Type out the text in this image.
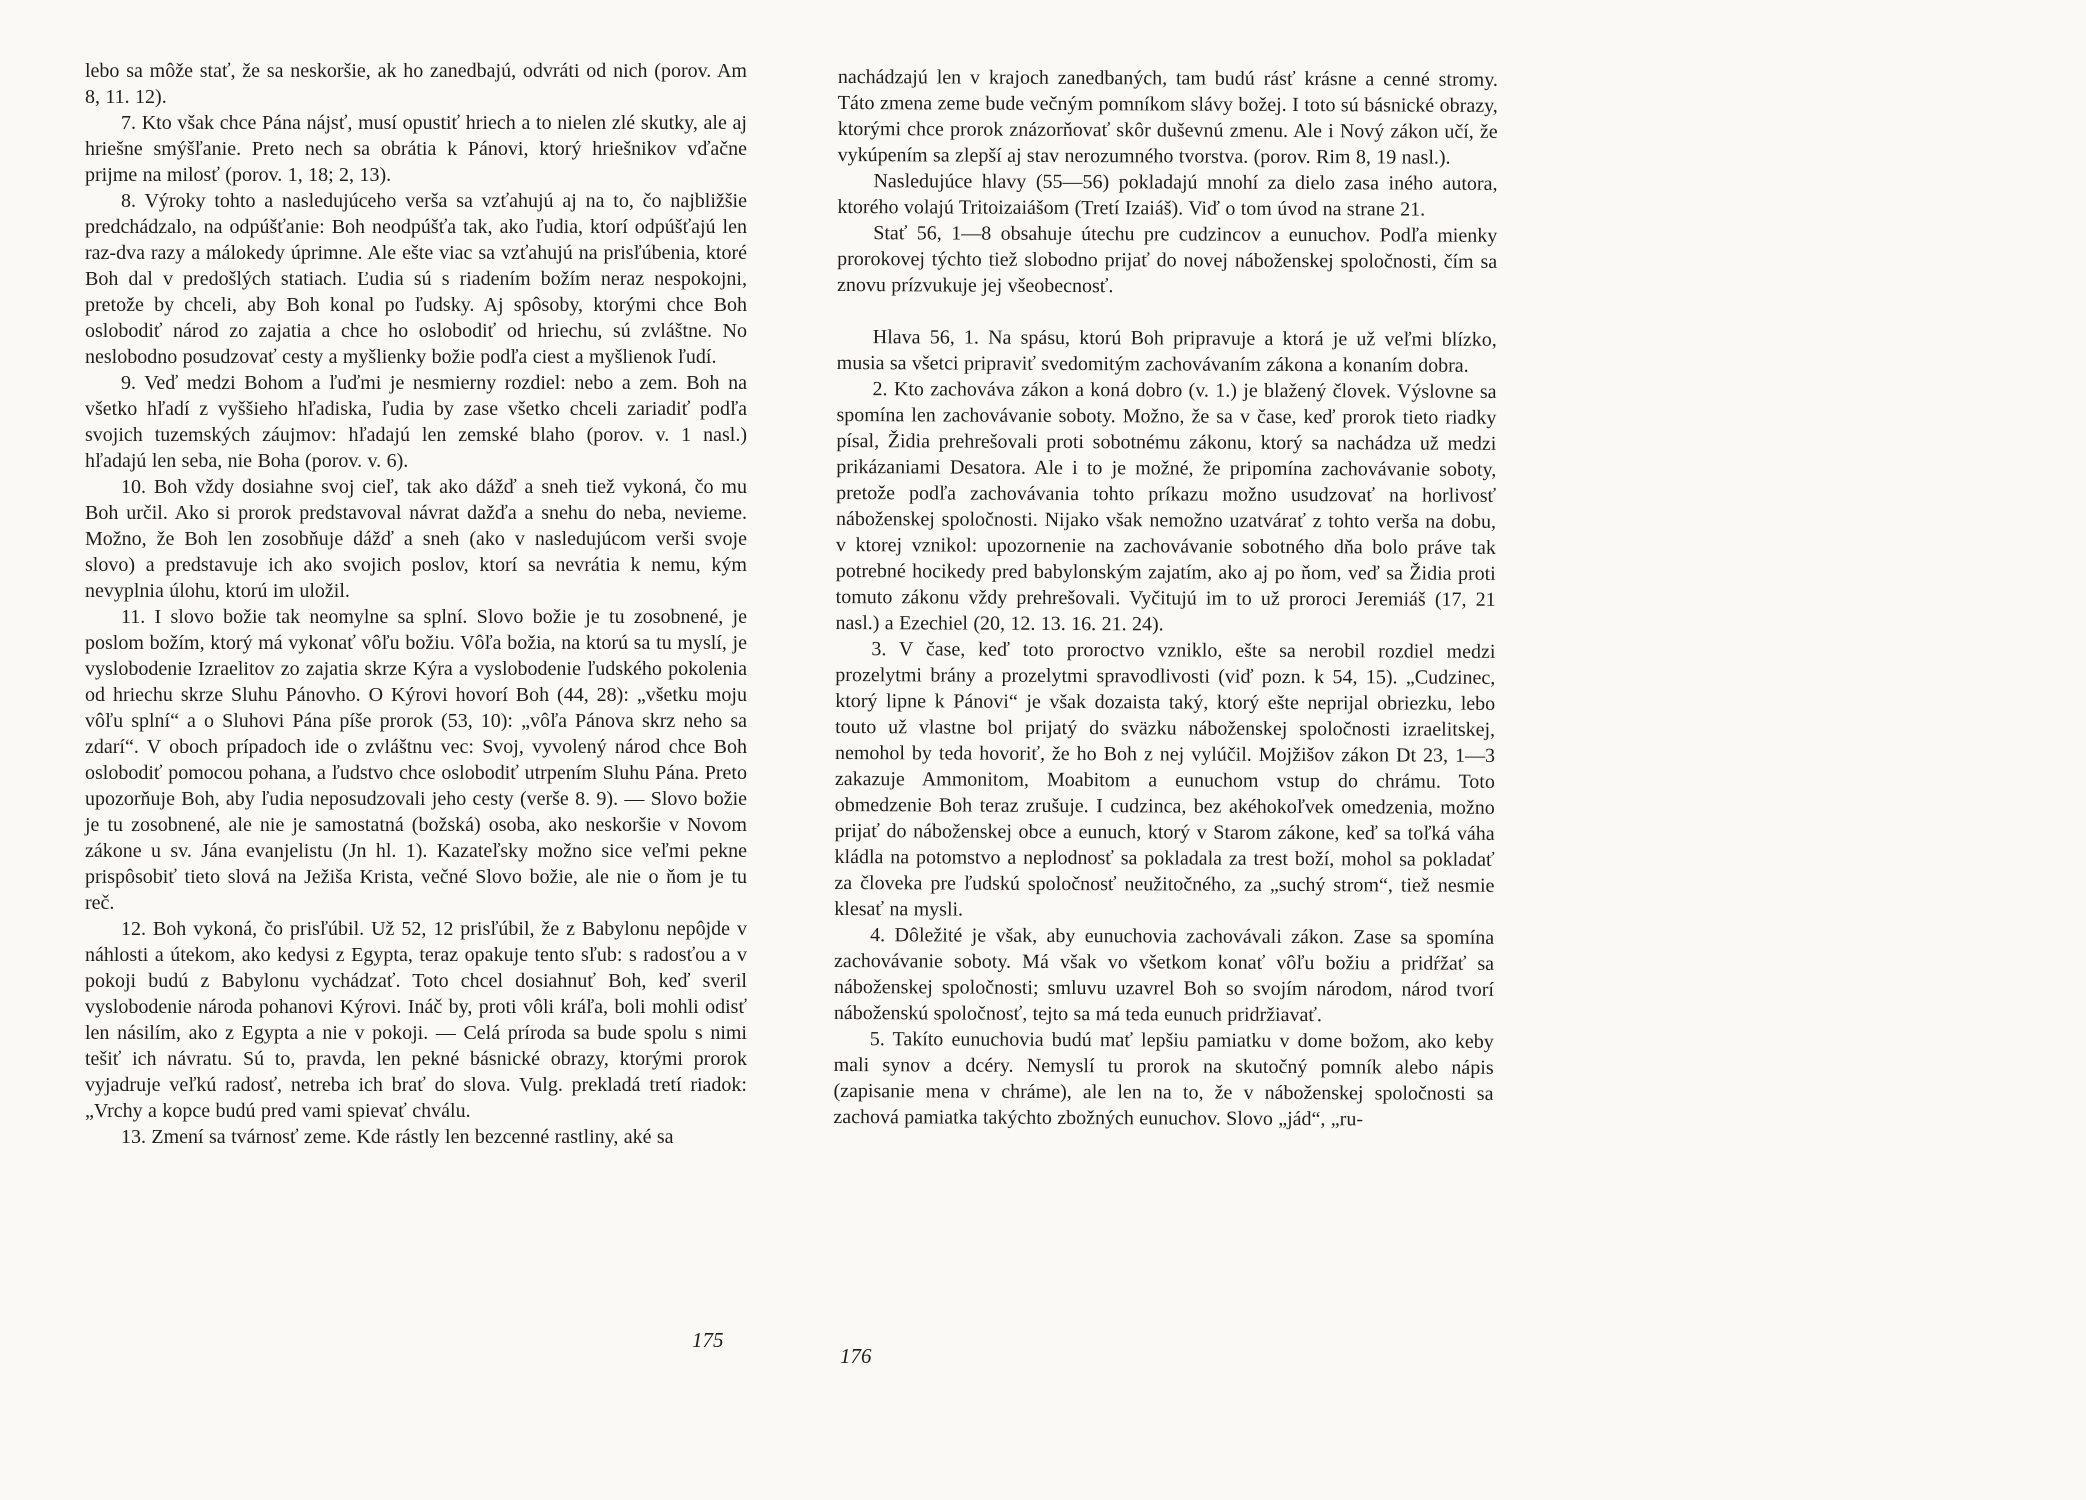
lebo sa môže stať, že sa neskoršie, ak ho zanedbajú, odvráti od nich (porov. Am 8, 11. 12).

7. Kto však chce Pána nájsť, musí opustiť hriech a to nielen zlé skutky, ale aj hriešne smýšľanie. Preto nech sa obrátia k Pánovi, ktorý hriešnikov vďačne prijme na milosť (porov. 1, 18; 2, 13).

8. Výroky tohto a nasledujúceho verša sa vzťahujú aj na to, čo najbližšie predchádzalo, na odpúšťanie: Boh neodpúšťa tak, ako ľudia, ktorí odpúšťajú len raz-dva razy a málokedy úprimne. Ale ešte viac sa vzťahujú na prisľúbenia, ktoré Boh dal v predošlých statiach. Ľudia sú s riadením božím neraz nespokojni, pretože by chceli, aby Boh konal po ľudsky. Aj spôsoby, ktorými chce Boh oslobodiť národ zo zajatia a chce ho oslobodiť od hriechu, sú zvláštne. No neslobodno posudzovať cesty a myšlienky božie podľa ciest a myšlienok ľudí.

9. Veď medzi Bohom a ľuďmi je nesmierny rozdiel: nebo a zem. Boh na všetko hľadí z vyššieho hľadiska, ľudia by zase všetko chceli zariadiť podľa svojich tuzemských záujmov: hľadajú len zemské blaho (porov. v. 1 nasl.) hľadajú len seba, nie Boha (porov. v. 6).

10. Boh vždy dosiahne svoj cieľ, tak ako dážď a sneh tiež vykoná, čo mu Boh určil. Ako si prorok predstavoval návrat dažďa a snehu do neba, nevieme. Možno, že Boh len zosobňuje dážď a sneh (ako v nasledujúcom verši svoje slovo) a predstavuje ich ako svojich poslov, ktorí sa nevrátia k nemu, kým nevyplnia úlohu, ktorú im uložil.

11. I slovo božie tak neomylne sa splní. Slovo božie je tu zosobnené, je poslom božím, ktorý má vykonať vôľu božiu. Vôľa božia, na ktorú sa tu myslí, je vyslobodenie Izraelitov zo zajatia skrze Kýra a vyslobodenie ľudského pokolenia od hriechu skrze Sluhu Pánovho. O Kýrovi hovorí Boh (44, 28): „všetku moju vôľu splní“ a o Sluhovi Pána píše prorok (53, 10): „vôľa Pánova skrz neho sa zdarí“. V oboch prípadoch ide o zvláštnu vec: Svoj, vyvolený národ chce Boh oslobodiť pomocou pohana, a ľudstvo chce oslobodiť utrpením Sluhu Pána. Preto upozorňuje Boh, aby ľudia neposudzovali jeho cesty (verše 8. 9). — Slovo božie je tu zosobnené, ale nie je samostatná (božská) osoba, ako neskoršie v Novom zákone u sv. Jána evanjelistu (Jn hl. 1). Kazateľsky možno sice veľmi pekne prispôsobiť tieto slová na Ježiša Krista, večné Slovo božie, ale nie o ňom je tu reč.

12. Boh vykoná, čo prisľúbil. Už 52, 12 prisľúbil, že z Babylonu nepôjde v náhlosti a útekom, ako kedysi z Egypta, teraz opakuje tento sľub: s radosťou a v pokoji budú z Babylonu vychádzať. Toto chcel dosiahnuť Boh, keď sveril vyslobodenie národa pohanovi Kýrovi. Ináč by, proti vôli kráľa, boli mohli odisť len násilím, ako z Egypta a nie v pokoji. — Celá príroda sa bude spolu s nimi tešiť ich návratu. Sú to, pravda, len pekné básnické obrazy, ktorými prorok vyjadruje veľkú radosť, netreba ich brať do slova. Vulg. prekladá tretí riadok: „Vrchy a kopce budú pred vami spievať chválu.

13. Zmení sa tvárnosť zeme. Kde rástly len bezcenné rastliny, aké sa

nachádzajú len v krajoch zanedbaných, tam budú rásť krásne a cenné stromy. Táto zmena zeme bude večným pomníkom slávy božej. I toto sú básnické obrazy, ktorými chce prorok znázorňovať skôr duševnú zmenu. Ale i Nový zákon učí, že vykúpením sa zlepší aj stav nerozumného tvorstva. (porov. Rim 8, 19 nasl.).

Nasledujúce hlavy (55—56) pokladajú mnohí za dielo zasa iného autora, ktorého volajú Tritoizaiášom (Tretí Izaiáš). Viď o tom úvod na strane 21.

Stať 56, 1—8 obsahuje útechu pre cudzincov a eunuchov. Podľa mienky prorokovej týchto tiež slobodno prijať do novej náboženskej spoločnosti, čím sa znovu prízvukuje jej všeobecnosť.

Hlava 56, 1. Na spásu, ktorú Boh pripravuje a ktorá je už veľmi blízko, musia sa všetci pripraviť svedomitým zachovávaním zákona a konaním dobra.

2. Kto zachováva zákon a koná dobro (v. 1.) je blažený človek. Výslovne sa spomína len zachovávanie soboty. Možno, že sa v čase, keď prorok tieto riadky písal, Židia prehrešovali proti sobotnému zákonu, ktorý sa nachádza už medzi prikázaniami Desatora. Ale i to je možné, že pripomína zachovávanie soboty, pretože podľa zachovávania tohto príkazu možno usudzovať na horlivosť náboženskej spoločnosti. Nijako však nemožno uzatvárať z tohto verša na dobu, v ktorej vznikol: upozornenie na zachovávanie sobotného dňa bolo práve tak potrebné hocikedy pred babylonským zajatím, ako aj po ňom, veď sa Židia proti tomuto zákonu vždy prehrešovali. Vyčitujú im to už proroci Jeremiáš (17, 21 nasl.) a Ezechiel (20, 12. 13. 16. 21. 24).

3. V čase, keď toto proroctvo vzniklo, ešte sa nerobil rozdiel medzi prozelytmi brány a prozelytmi spravodlivosti (viď pozn. k 54, 15). „Cudzinec, ktorý lipne k Pánovi“ je však dozaista taký, ktorý ešte neprijal obriezku, lebo touto už vlastne bol prijatý do sväzku náboženskej spoločnosti izraelitskej, nemohol by teda hovoriť, že ho Boh z nej vylúčil. Mojžišov zákon Dt 23, 1—3 zakazuje Ammonitom, Moabitom a eunuchom vstup do chrámu. Toto obmedzenie Boh teraz zrušuje. I cudzinca, bez akéhokoľvek omedzenia, možno prijať do náboženskej obce a eunuch, ktorý v Starom zákone, keď sa toľká váha kládla na potomstvo a neplodnosť sa pokladala za trest boží, mohol sa pokladať za človeka pre ľudskú spoločnosť neužitočného, za „suchý strom“, tiež nesmie klesať na mysli.

4. Dôležité je však, aby eunuchovia zachovávali zákon. Zase sa spomína zachovávanie soboty. Má však vo všetkom konať vôľu božiu a pridŕžať sa náboženskej spoločnosti; smluvu uzavrel Boh so svojím národom, národ tvorí náboženskú spoločnosť, tejto sa má teda eunuch pridržiavať.

5. Takíto eunuchovia budú mať lepšiu pamiatku v dome božom, ako keby mali synov a dcéry. Nemyslí tu prorok na skutočný pomník alebo nápis (zapisanie mena v chráme), ale len na to, že v náboženskej spoločnosti sa zachová pamiatka takýchto zbožných eunuchov. Slovo „jád“, „ru-

175
176
